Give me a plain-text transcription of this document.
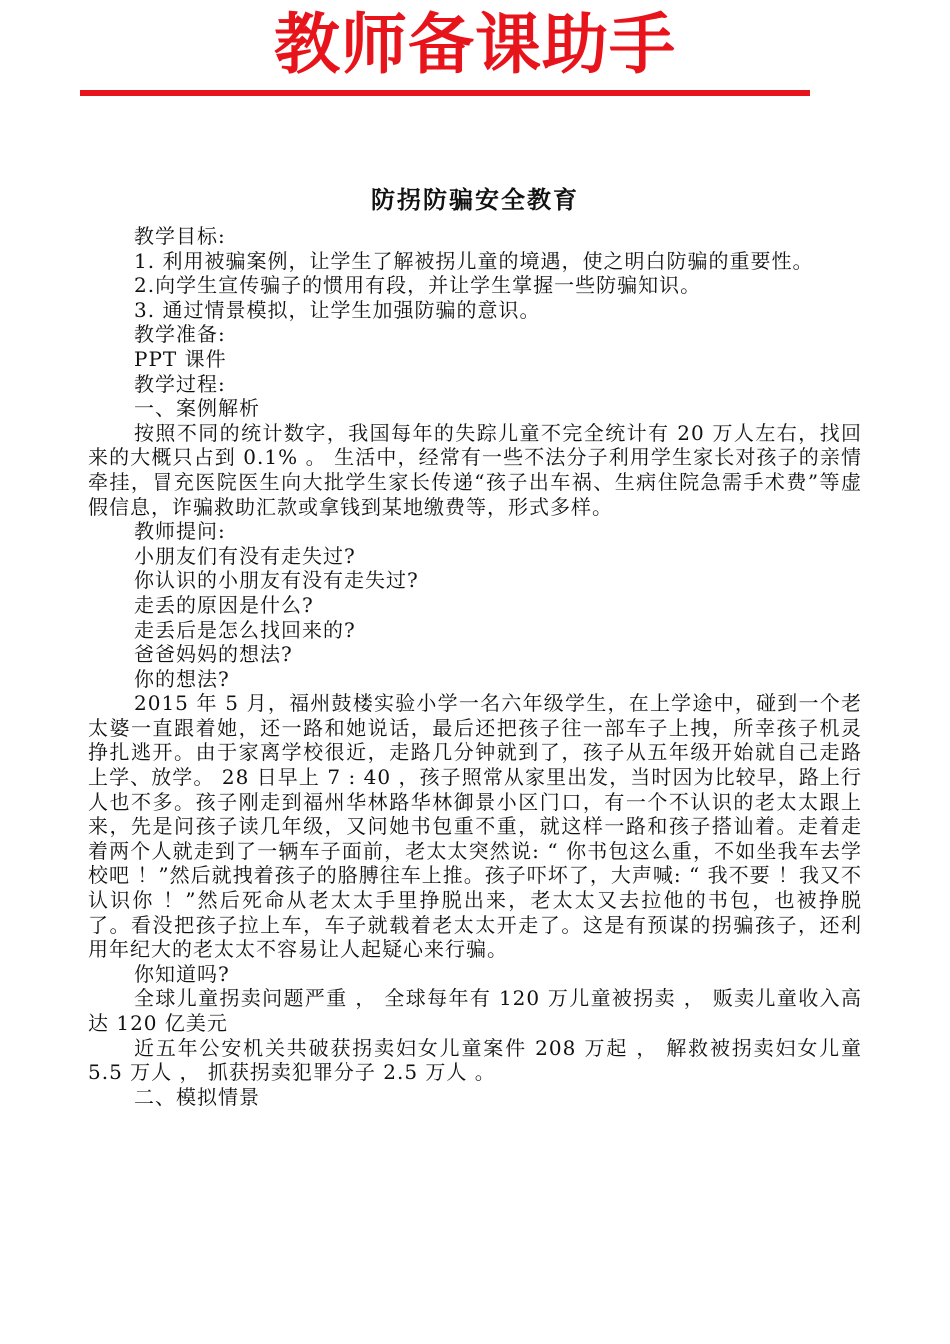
教师备课助手
防拐防骗安全教育

教学目标:

1. 利用被骗案例，让学生了解被拐儿童的境遇，使之明白防骗的重要性。

2.向学生宣传骗子的惯用有段，并让学生掌握一些防骗知识。

3. 通过情景模拟，让学生加强防骗的意识。

教学准备:

PPT 课件

教学过程:

一、案例解析

按照不同的统计数字，我国每年的失踪儿童不完全统计有 20 万人左右，找回来的大概只占到 0.1% 。 生活中，经常有一些不法分子利用学生家长对孩子的亲情牵挂，冒充医院医生向大批学生家长传递“孩子出车祸、生病住院急需手术费”等虚假信息，诈骗救助汇款或拿钱到某地缴费等，形式多样。

教师提问:

小朋友们有没有走失过?

你认识的小朋友有没有走失过?

走丢的原因是什么?

走丢后是怎么找回来的?

爸爸妈妈的想法?

你的想法?

2015 年 5 月，福州鼓楼实验小学一名六年级学生，在上学途中，碰到一个老太婆一直跟着她，还一路和她说话，最后还把孩子往一部车子上拽，所幸孩子机灵挣扎逃开。由于家离学校很近，走路几分钟就到了，孩子从五年级开始就自己走路上学、放学。 28 日早上 7 : 40 ，孩子照常从家里出发，当时因为比较早，路上行人也不多。孩子刚走到福州华林路华林御景小区门口，有一个不认识的老太太跟上来，先是问孩子读几年级，又问她书包重不重，就这样一路和孩子搭讪着。走着走着两个人就走到了一辆车子面前，老太太突然说: “ 你书包这么重，不如坐我车去学校吧 ！”然后就拽着孩子的胳膊往车上推。孩子吓坏了，大声喊: “ 我不要 ！我又不认识你 ！”然后死命从老太太手里挣脱出来，老太太又去拉他的书包，也被挣脱了。看没把孩子拉上车，车子就载着老太太开走了。这是有预谋的拐骗孩子，还利用年纪大的老太太不容易让人起疑心来行骗。

你知道吗?

全球儿童拐卖问题严重 ， 全球每年有 120 万儿童被拐卖 ， 贩卖儿童收入高达 120 亿美元

近五年公安机关共破获拐卖妇女儿童案件 208 万起 ， 解救被拐卖妇女儿童 5.5 万人 ， 抓获拐卖犯罪分子 2.5 万人 。

二、模拟情景
